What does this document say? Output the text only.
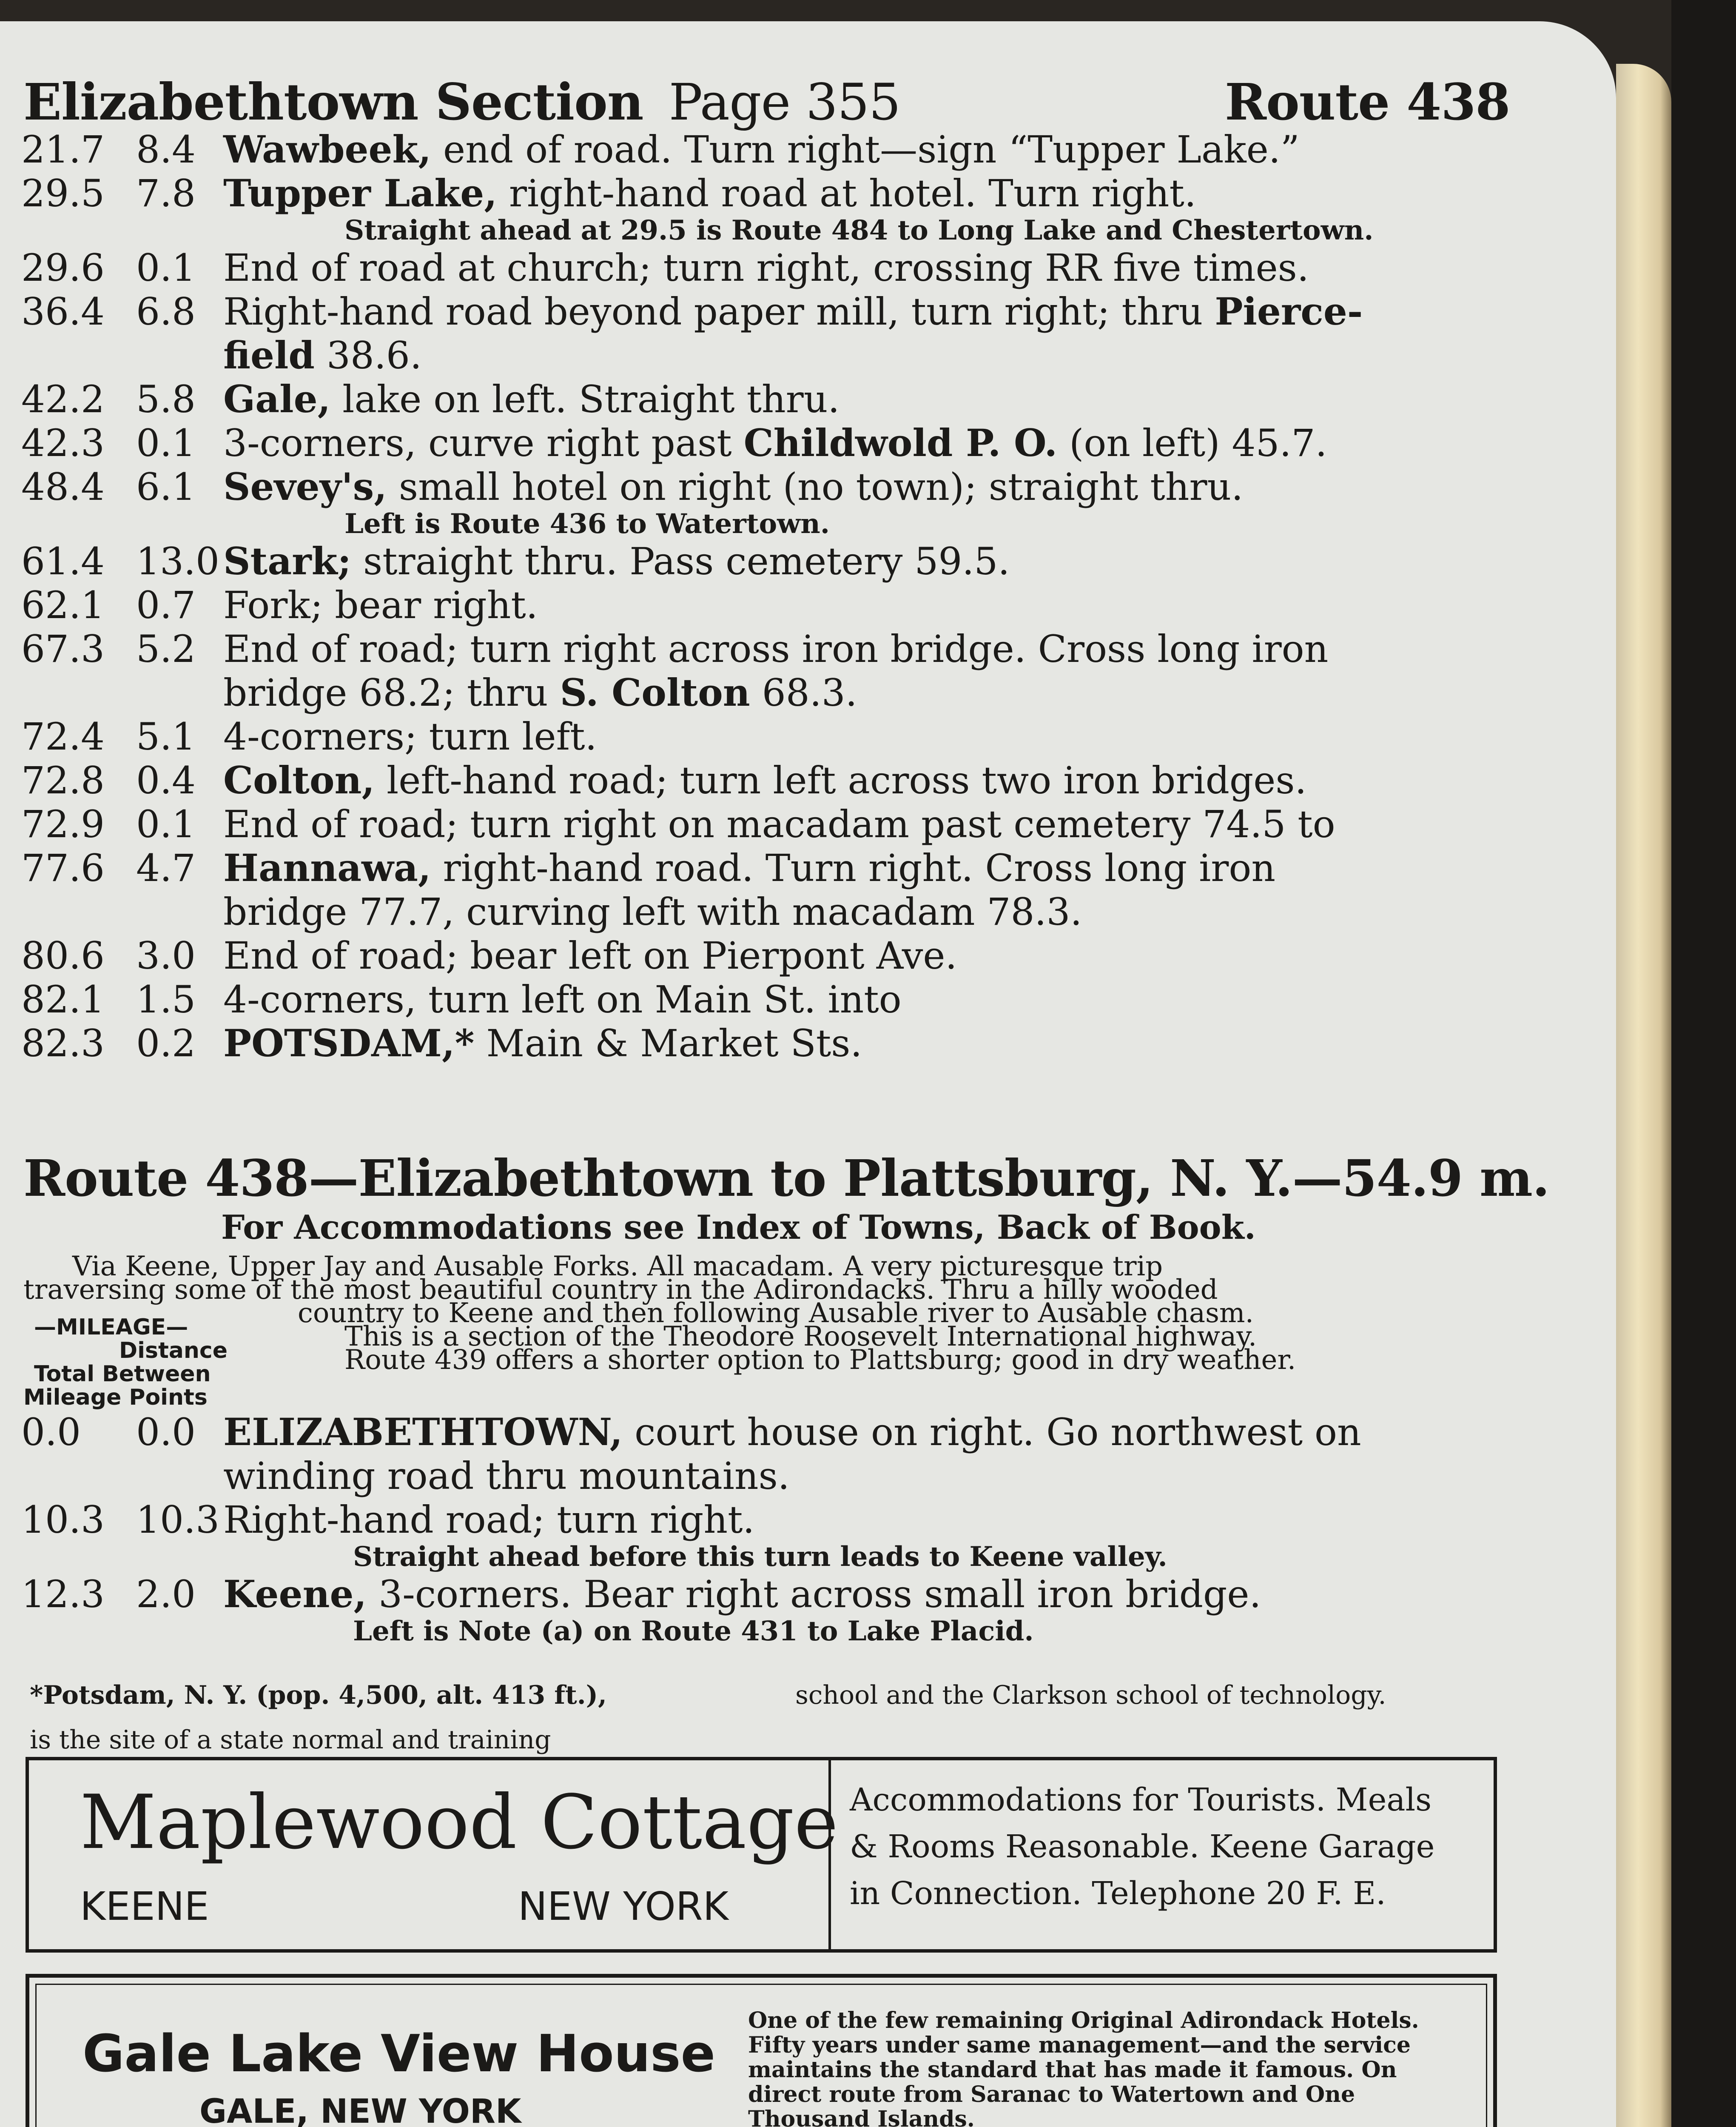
Elizabethtown Section Page 355	Route 438
21.7 8.4 Wawbeek, end of road. Turn right—sign “Tupper Lake.”
29.5 7.8 Tupper Lake, right-hand road at hotel. Turn right.
Straight ahead at 29.5 is Route 484 to Long Lake and Chestertown.
29.6 0.1 End of road at church; turn right, crossing RR five times.
36.4 6.8 Right-hand road beyond paper mill, turn right; thru Pierce-
field 38.6.
42.2 5.8 Gale, lake on left. Straight thru.
42.3 0.1 3-corners, curve right past Childwold P. O. (on left) 45.7.
48.4 6.1 Sevey's, small hotel on right (no town); straight thru.
Left is Route 436 to Watertown.
61.4 13.0 Stark; straight thru. Pass cemetery 59.5.
62.1 0.7 Fork; bear right.
67.3 5.2 End of road; turn right across iron bridge. Cross long iron
bridge 68.2; thru S. Colton 68.3.
72.4 5.1 4-corners; turn left.
72.8 0.4 Colton, left-hand road; turn left across two iron bridges.
72.9 0.1 End of road; turn right on macadam past cemetery 74.5 to
77.6 4.7 Hannawa, right-hand road. Turn right. Cross long iron
bridge 77.7, curving left with macadam 78.3.
80.6 3.0 End of road; bear left on Pierpont Ave.
82.1 1.5 4-corners, turn left on Main St. into
82.3 0.2 POTSDAM,* Main & Market Sts.
Route 438—Elizabethtown to Plattsburg, N. Y.—54.9 m.
For Accommodations see Index of Towns, Back of Book.
Via Keene, Upper Jay and Ausable Forks. All macadam. A very picturesque trip
traversing some of the most beautiful country in the Adirondacks. Thru a hilly wooded
country to Keene and then following Ausable river to Ausable chasm.
This is a section of the Theodore Roosevelt International highway.
Route 439 offers a shorter option to Plattsburg; good in dry weather.
—MILEAGE—
Distance
Total Between
Mileage Points
0.0	0.0 ELIZABETHTOWN, court house on right. Go northwest on
winding road thru mountains.
10.3 10.3 Right-hand road; turn right.
Straight ahead before this turn leads to Keene valley.
12.3 2.0 Keene, 3-corners. Bear right across small iron bridge.
Left is Note (a) on Route 431 to Lake Placid.
*Potsdam, N. Y. (pop. 4,500, alt. 413 ft.),
is the site of a state normal and training
school and the Clarkson school of technology.
Maplewood Cottage
KEENE	NEW YORK
Accommodations for Tourists. Meals
& Rooms Reasonable. Keene Garage
in Connection. Telephone 20 F. E.
Gale Lake View House
GALE, NEW YORK
One of the few remaining Original Adirondack Hotels.
Fifty years under same management—and the service
maintains the standard that has made it famous. On
direct route from Saranac to Watertown and One
Thousand Islands.
